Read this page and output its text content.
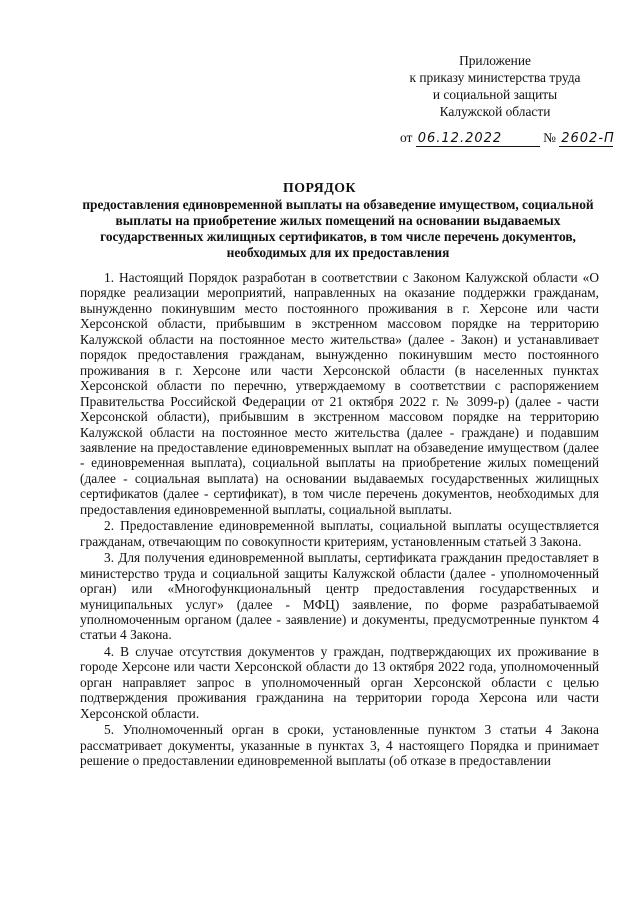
Приложение
к приказу министерства труда
и социальной защиты
Калужской области
от 06.12.2022	№ 2602-П
ПОРЯДОК
предоставления единовременной выплаты на обзаведение имуществом, социальной выплаты на приобретение жилых помещений на основании выдаваемых государственных жилищных сертификатов, в том числе перечень документов, необходимых для их предоставления

1. Настоящий Порядок разработан в соответствии с Законом Калужской области «О порядке реализации мероприятий, направленных на оказание поддержки гражданам, вынужденно покинувшим место постоянного проживания в г. Херсоне или части Херсонской области, прибывшим в экстренном массовом порядке на территорию Калужской области на постоянное место жительства» (далее - Закон) и устанавливает порядок предоставления гражданам, вынужденно покинувшим место постоянного проживания в г. Херсоне или части Херсонской области (в населенных пунктах Херсонской области по перечню, утверждаемому в соответствии с распоряжением Правительства Российской Федерации от 21 октября 2022 г. № 3099-р) (далее - части Херсонской области), прибывшим в экстренном массовом порядке на территорию Калужской области на постоянное место жительства (далее - граждане) и подавшим заявление на предоставление единовременных выплат на обзаведение имуществом (далее - единовременная выплата), социальной выплаты на приобретение жилых помещений (далее - социальная выплата) на основании выдаваемых государственных жилищных сертификатов (далее - сертификат), в том числе перечень документов, необходимых для предоставления единовременной выплаты, социальной выплаты.

2. Предоставление единовременной выплаты, социальной выплаты осуществляется гражданам, отвечающим по совокупности критериям, установленным статьей 3 Закона.

3. Для получения единовременной выплаты, сертификата гражданин предоставляет в министерство труда и социальной защиты Калужской области (далее - уполномоченный орган) или «Многофункциональный центр предоставления государственных и муниципальных услуг» (далее - МФЦ) заявление, по форме разрабатываемой уполномоченным органом (далее - заявление) и документы, предусмотренные пунктом 4 статьи 4 Закона.

4. В случае отсутствия документов у граждан, подтверждающих их проживание в городе Херсоне или части Херсонской области до 13 октября 2022 года, уполномоченный орган направляет запрос в уполномоченный орган Херсонской области с целью подтверждения проживания гражданина на территории города Херсона или части Херсонской области.

5. Уполномоченный орган в сроки, установленные пунктом 3 статьи 4 Закона рассматривает документы, указанные в пунктах 3, 4 настоящего Порядка и принимает решение о предоставлении единовременной выплаты (об отказе в предоставлении
